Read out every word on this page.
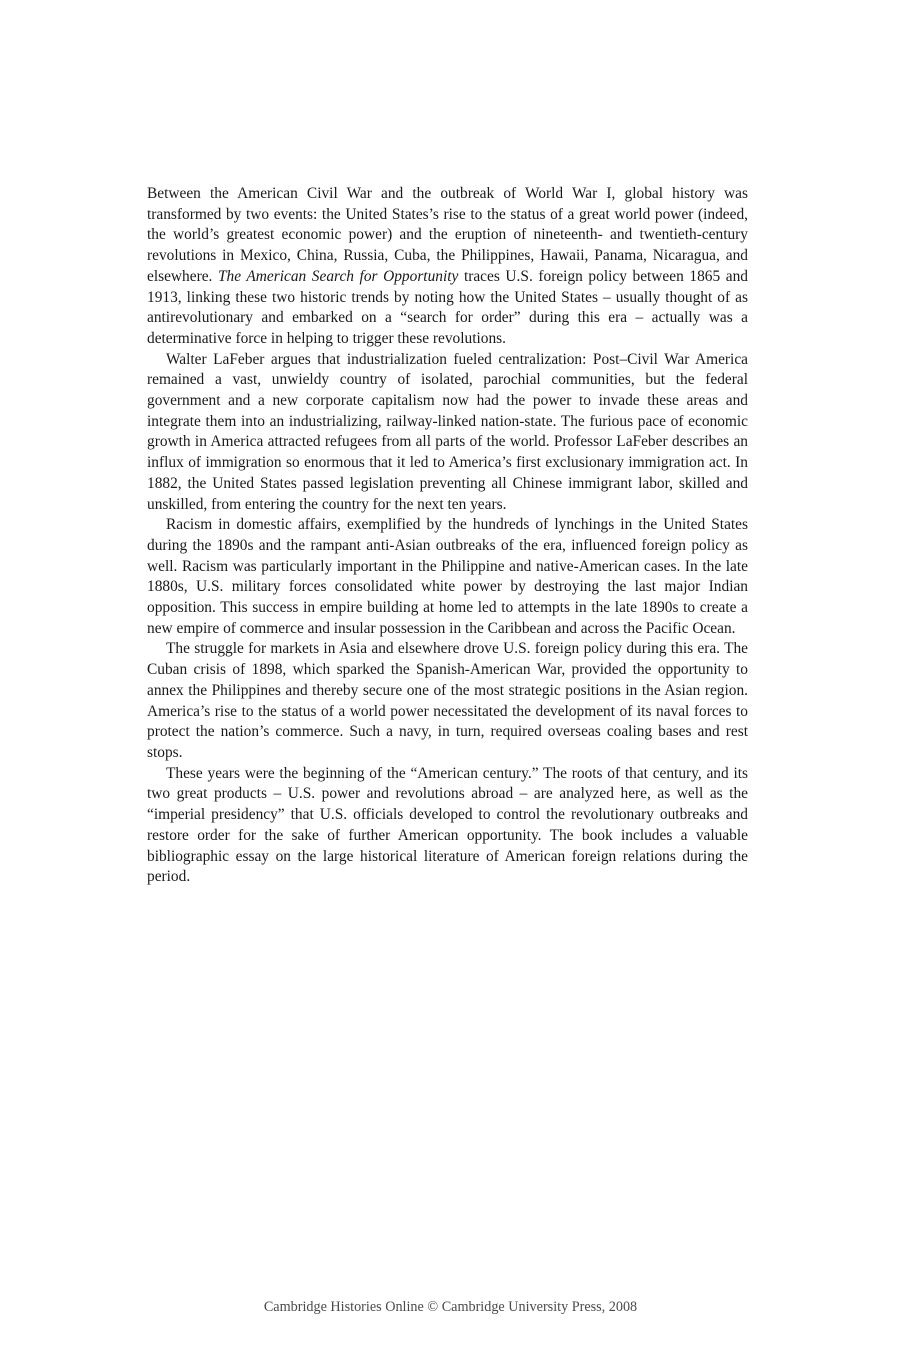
Between the American Civil War and the outbreak of World War I, global history was transformed by two events: the United States’s rise to the status of a great world power (indeed, the world’s greatest economic power) and the eruption of nineteenth- and twentieth-century revolutions in Mexico, China, Russia, Cuba, the Philippines, Hawaii, Panama, Nicaragua, and elsewhere. The American Search for Opportunity traces U.S. foreign policy between 1865 and 1913, linking these two historic trends by noting how the United States – usually thought of as antirevolutionary and embarked on a “search for order” during this era – actually was a determinative force in helping to trigger these revolutions.

Walter LaFeber argues that industrialization fueled centralization: Post–Civil War America remained a vast, unwieldy country of isolated, parochial communities, but the federal government and a new corporate capitalism now had the power to invade these areas and integrate them into an industrializing, railway-linked nation-state. The furious pace of economic growth in America attracted refugees from all parts of the world. Professor LaFeber describes an influx of immigration so enormous that it led to America’s first exclusionary immigration act. In 1882, the United States passed legislation preventing all Chinese immigrant labor, skilled and unskilled, from entering the country for the next ten years.

Racism in domestic affairs, exemplified by the hundreds of lynchings in the United States during the 1890s and the rampant anti-Asian outbreaks of the era, influenced foreign policy as well. Racism was particularly important in the Philippine and native-American cases. In the late 1880s, U.S. military forces consolidated white power by destroying the last major Indian opposition. This success in empire building at home led to attempts in the late 1890s to create a new empire of commerce and insular possession in the Caribbean and across the Pacific Ocean.

The struggle for markets in Asia and elsewhere drove U.S. foreign policy during this era. The Cuban crisis of 1898, which sparked the Spanish-American War, provided the opportunity to annex the Philippines and thereby secure one of the most strategic positions in the Asian region. America’s rise to the status of a world power necessitated the development of its naval forces to protect the nation’s commerce. Such a navy, in turn, required overseas coaling bases and rest stops.

These years were the beginning of the “American century.” The roots of that century, and its two great products – U.S. power and revolutions abroad – are analyzed here, as well as the “imperial presidency” that U.S. officials developed to control the revolutionary outbreaks and restore order for the sake of further American opportunity. The book includes a valuable bibliographic essay on the large historical literature of American foreign relations during the period.

Cambridge Histories Online © Cambridge University Press, 2008
